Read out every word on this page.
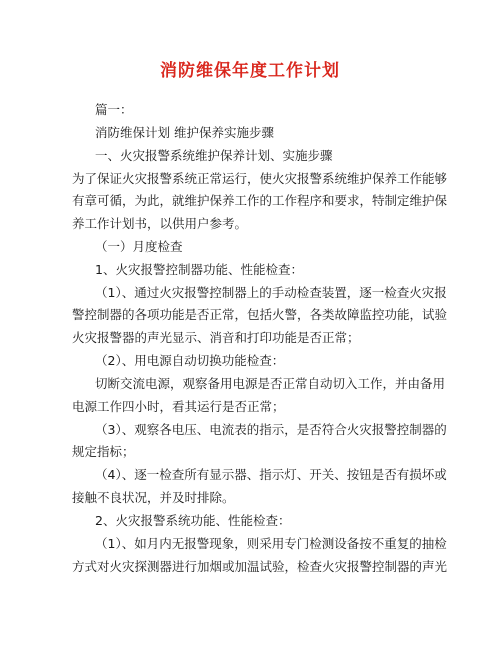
消防维保年度工作计划
篇一：
消防维保计划 维护保养实施步骤
一、火灾报警系统维护保养计划、实施步骤
为了保证火灾报警系统正常运行，使火灾报警系统维护保养工作能够
有章可循，为此，就维护保养工作的工作程序和要求，特制定维护保
养工作计划书，以供用户参考。
（一）月度检查
1、火灾报警控制器功能、性能检查：
（1）、通过火灾报警控制器上的手动检查装置，逐一检查火灾报
警控制器的各项功能是否正常，包括火警，各类故障监控功能，试验
火灾报警器的声光显示、消音和打印功能是否正常；
（2）、用电源自动切换功能检查：
切断交流电源，观察备用电源是否正常自动切入工作，并由备用
电源工作四小时，看其运行是否正常；
（3）、观察各电压、电流表的指示，是否符合火灾报警控制器的
规定指标；
（4）、逐一检查所有显示器、指示灯、开关、按钮是否有损坏或
接触不良状况，并及时排除。
2、火灾报警系统功能、性能检查：
（1）、如月内无报警现象，则采用专门检测设备按不重复的抽检
方式对火灾探测器进行加烟或加温试验，检查火灾报警控制器的声光
